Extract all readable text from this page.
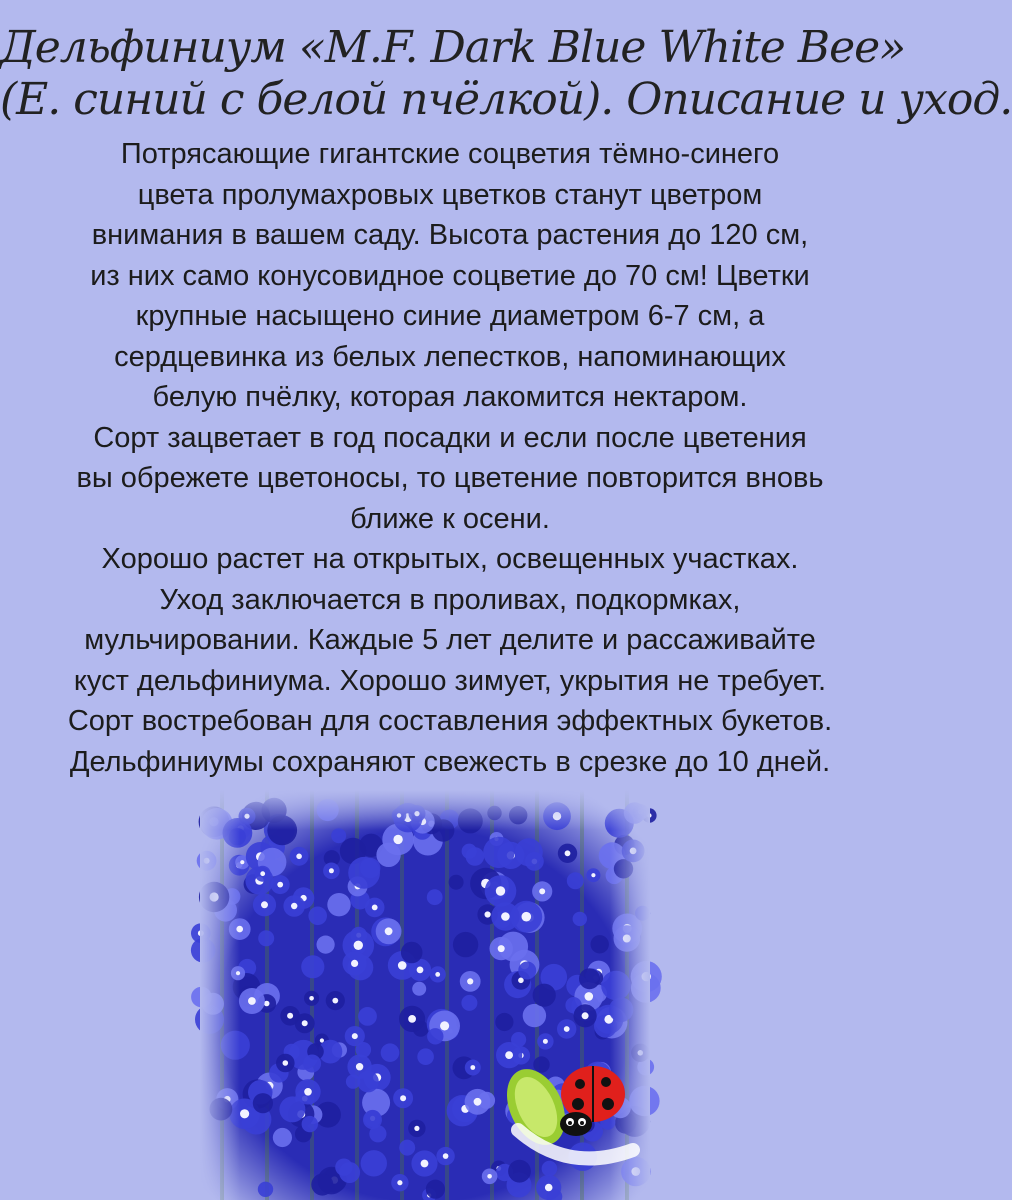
Дельфиниум «M.F. Dark Blue White Bee»
(Е. синий с белой пчёлкой). Описание и уход.
Потрясающие гигантские соцветия тёмно-синего
цвета пролумахровых цветков станут цветром
внимания в вашем саду. Высота растения до 120 см,
из них само конусовидное соцветие до 70 см! Цветки
крупные насыщено синие диаметром 6-7 см, а
сердцевинка из белых лепестков, напоминающих
белую пчёлку, которая лакомится нектаром.
Сорт зацветает в год посадки и если после цветения
вы обрежете цветоносы, то цветение повторится вновь
ближе к осени.
Хорошо растет на открытых, освещенных участках.
Уход заключается в проливах, подкормках,
мульчировании. Каждые 5 лет делите и рассаживайте
куст дельфиниума. Хорошо зимует, укрытия не требует.
Сорт востребован для составления эффектных букетов.
Дельфиниумы сохраняют свежесть в срезке до 10 дней.
